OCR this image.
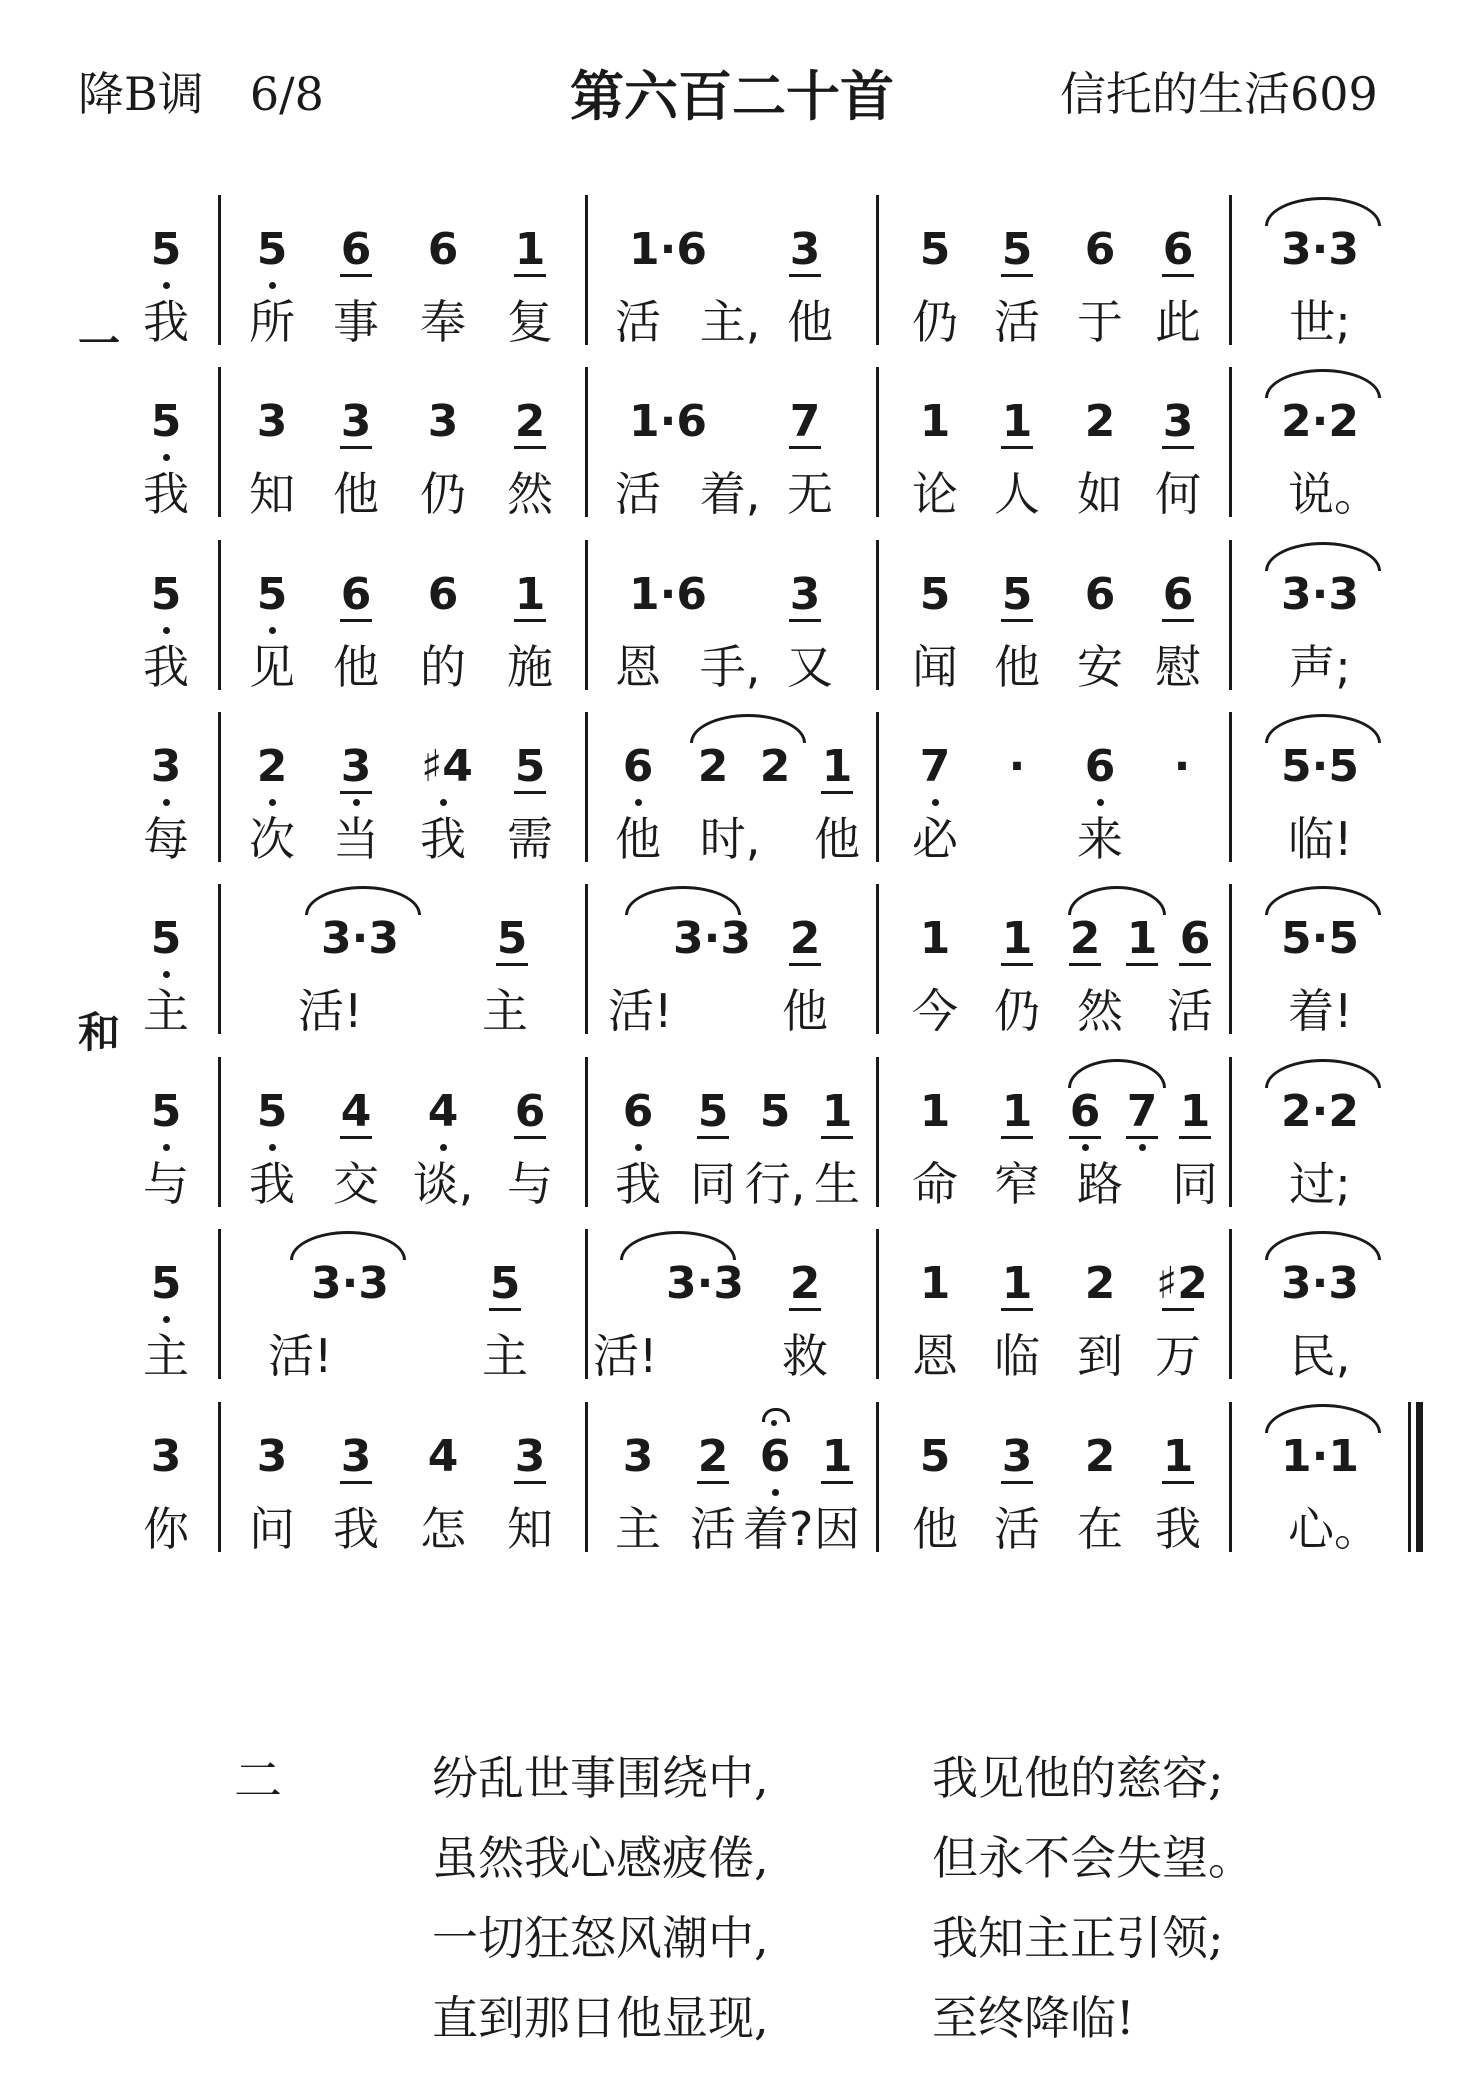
降B调 6/8	第六百二十首	信托的生活609
一
5 5 6 6 1	1·6	3 5 5 6 6	3·3
我 所 事 奉 复 活 主, 他 仍 活 于 此 世;
5 3 3 3 2	1·6	7 1 1 2 3	2·2
我 知 他 仍 然 活 着, 无 论 人 如 何 说。
5 5 6 6 1	1·6	3 5 5 6 6	3·3
我 见 他 的 施 恩 手, 又 闻 他 安 慰 声;
3 2 3 ♯4 5 6 2 2 1 7	·	6	·	5·5
每 次 当 我 需 他 时, 他 必	来	临!
和
5	3·3	5	3·3 2 1 1 2 1 6	5·5
主 活!	主 活! 他 今 仍 然 活 着!
5 5 4 4 6 6 5 5 1 1 1 6 7 1	2·2
与 我 交 谈, 与 我 同 行, 生 命 窄 路 同 过;
5	3·3	5	3·3	2 1 1 2 ♯2	3·3
主 活!	主 活!	救 恩 临 到 万 民,
3 3 3 4 3 3 2 6 1 5 3 2 1	1·1
你 问 我 怎 知 主 活 着? 因 他 活 在 我 心。
二	纷乱世事围绕中,	我见他的慈容;
虽然我心感疲倦,	但永不会失望。
一切狂怒风潮中,	我知主正引领;
直到那日他显现,	至终降临!
